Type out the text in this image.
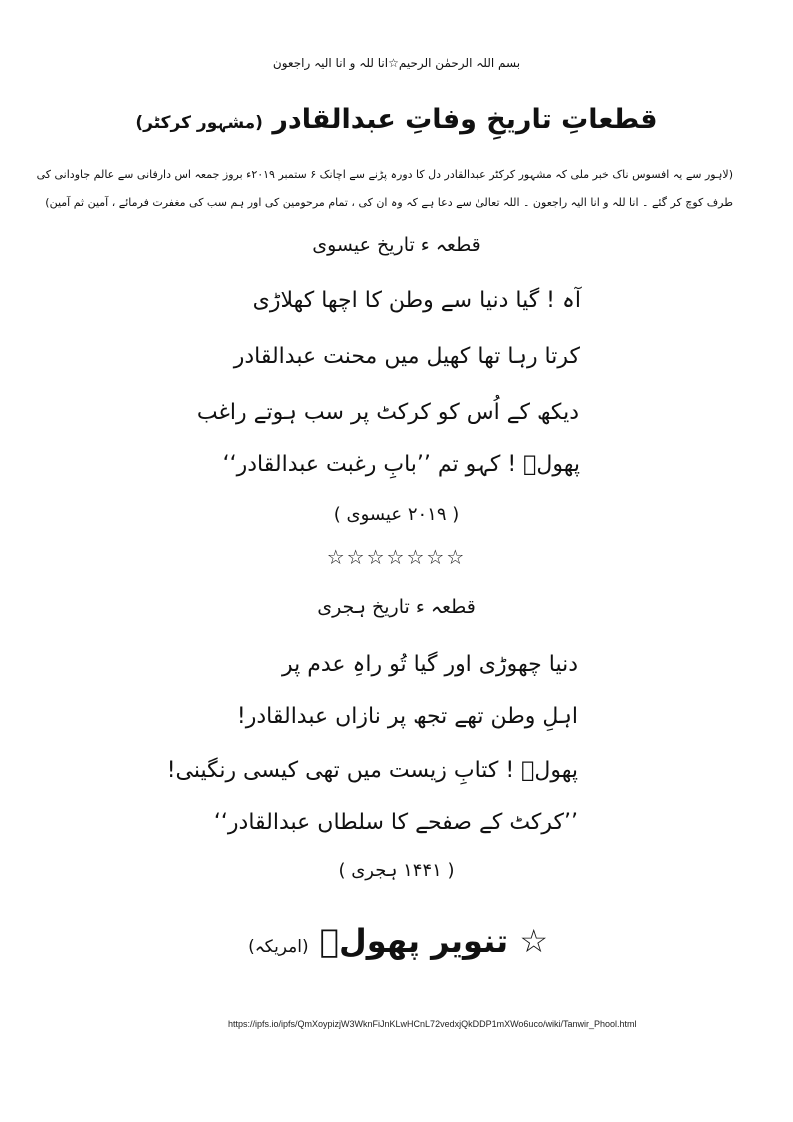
بسم اللہ الرحمٰن الرحیم☆انا للہ و انا الیہ راجعون
قطعاتِ تاریخِ وفاتِ عبدالقادر (مشہور کرکٹر)
(لاہور سے یہ افسوس ناک خبر ملی کہ مشہور کرکٹر عبدالقادر دل کا دورہ پڑنے سے اچانک ۶ ستمبر ۲۰۱۹ء بروز جمعہ اس دارفانی سے عالم جاودانی کی
طرف کوچ کر گئے ۔ انا للہ و انا الیہ راجعون ۔ اللہ تعالیٰ سے دعا ہے کہ وہ ان کی ، تمام مرحومین کی اور ہم سب کی مغفرت فرمائے ، آمین ثم آمین)
قطعہ ء تاریخ عیسوی
آہ ! گیا دنیا سے وطن کا اچھا کھلاڑی
کرتا رہا تھا کھیل میں محنت عبدالقادر
دیکھ کے اُس کو کرکٹ پر سب ہوتے راغب
پھولؔ ! کہو تم ’’بابِ رغبت عبدالقادر‘‘
( ۲۰۱۹ عیسوی )
☆☆☆☆☆☆☆
قطعہ ء تاریخ ہجری
دنیا چھوڑی اور گیا تُو راہِ عدم پر
اہلِ وطن تھے تجھ پر نازاں عبدالقادر!
پھولؔ ! کتابِ زیست میں تھی کیسی رنگینی!
’’کرکٹ کے صفحے کا سلطاں عبدالقادر‘‘
( ۱۴۴۱ ہجری )
☆ تنویر پھولؔ (امریکہ)
https://ipfs.io/ipfs/QmXoypizjW3WknFiJnKLwHCnL72vedxjQkDDP1mXWo6uco/wiki/Tanwir_Phool.html
